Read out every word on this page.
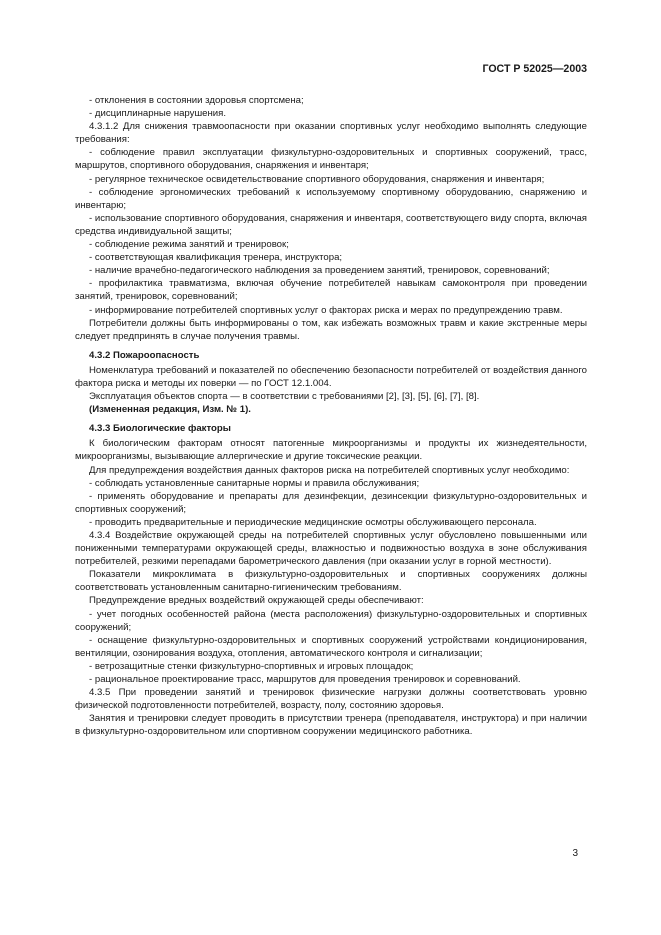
ГОСТ Р 52025—2003

- отклонения в состоянии здоровья спортсмена;

- дисциплинарные нарушения.

4.3.1.2 Для снижения травмоопасности при оказании спортивных услуг необходимо выполнять следующие требования:

- соблюдение правил эксплуатации физкультурно-оздоровительных и спортивных сооружений, трасс, маршрутов, спортивного оборудования, снаряжения и инвентаря;

- регулярное техническое освидетельствование спортивного оборудования, снаряжения и инвентаря;

- соблюдение эргономических требований к используемому спортивному оборудованию, снаряжению и инвентарю;

- использование спортивного оборудования, снаряжения и инвентаря, соответствующего виду спорта, включая средства индивидуальной защиты;

- соблюдение режима занятий и тренировок;

- соответствующая квалификация тренера, инструктора;

- наличие врачебно-педагогического наблюдения за проведением занятий, тренировок, соревнований;

- профилактика травматизма, включая обучение потребителей навыкам самоконтроля при проведении занятий, тренировок, соревнований;

- информирование потребителей спортивных услуг о факторах риска и мерах по предупреждению травм.

Потребители должны быть информированы о том, как избежать возможных травм и какие экстренные меры следует предпринять в случае получения травмы.

4.3.2 Пожароопасность

Номенклатура требований и показателей по обеспечению безопасности потребителей от воздействия данного фактора риска и методы их поверки — по ГОСТ 12.1.004.

Эксплуатация объектов спорта — в соответствии с требованиями [2], [3], [5], [6], [7], [8].

(Измененная редакция, Изм. № 1).

4.3.3 Биологические факторы

К биологическим факторам относят патогенные микроорганизмы и продукты их жизнедеятельности, микроорганизмы, вызывающие аллергические и другие токсические реакции.

Для предупреждения воздействия данных факторов риска на потребителей спортивных услуг необходимо:

- соблюдать установленные санитарные нормы и правила обслуживания;

- применять оборудование и препараты для дезинфекции, дезинсекции физкультурно-оздоровительных и спортивных сооружений;

- проводить предварительные и периодические медицинские осмотры обслуживающего персонала.

4.3.4 Воздействие окружающей среды на потребителей спортивных услуг обусловлено повышенными или пониженными температурами окружающей среды, влажностью и подвижностью воздуха в зоне обслуживания потребителей, резкими перепадами барометрического давления (при оказании услуг в горной местности).

Показатели микроклимата в физкультурно-оздоровительных и спортивных сооружениях должны соответствовать установленным санитарно-гигиеническим требованиям.

Предупреждение вредных воздействий окружающей среды обеспечивают:

- учет погодных особенностей района (места расположения) физкультурно-оздоровительных и спортивных сооружений;

- оснащение физкультурно-оздоровительных и спортивных сооружений устройствами кондиционирования, вентиляции, озонирования воздуха, отопления, автоматического контроля и сигнализации;

- ветрозащитные стенки физкультурно-спортивных и игровых площадок;

- рациональное проектирование трасс, маршрутов для проведения тренировок и соревнований.

4.3.5 При проведении занятий и тренировок физические нагрузки должны соответствовать уровню физической подготовленности потребителей, возрасту, полу, состоянию здоровья.

Занятия и тренировки следует проводить в присутствии тренера (преподавателя, инструктора) и при наличии в физкультурно-оздоровительном или спортивном сооружении медицинского работника.

3
